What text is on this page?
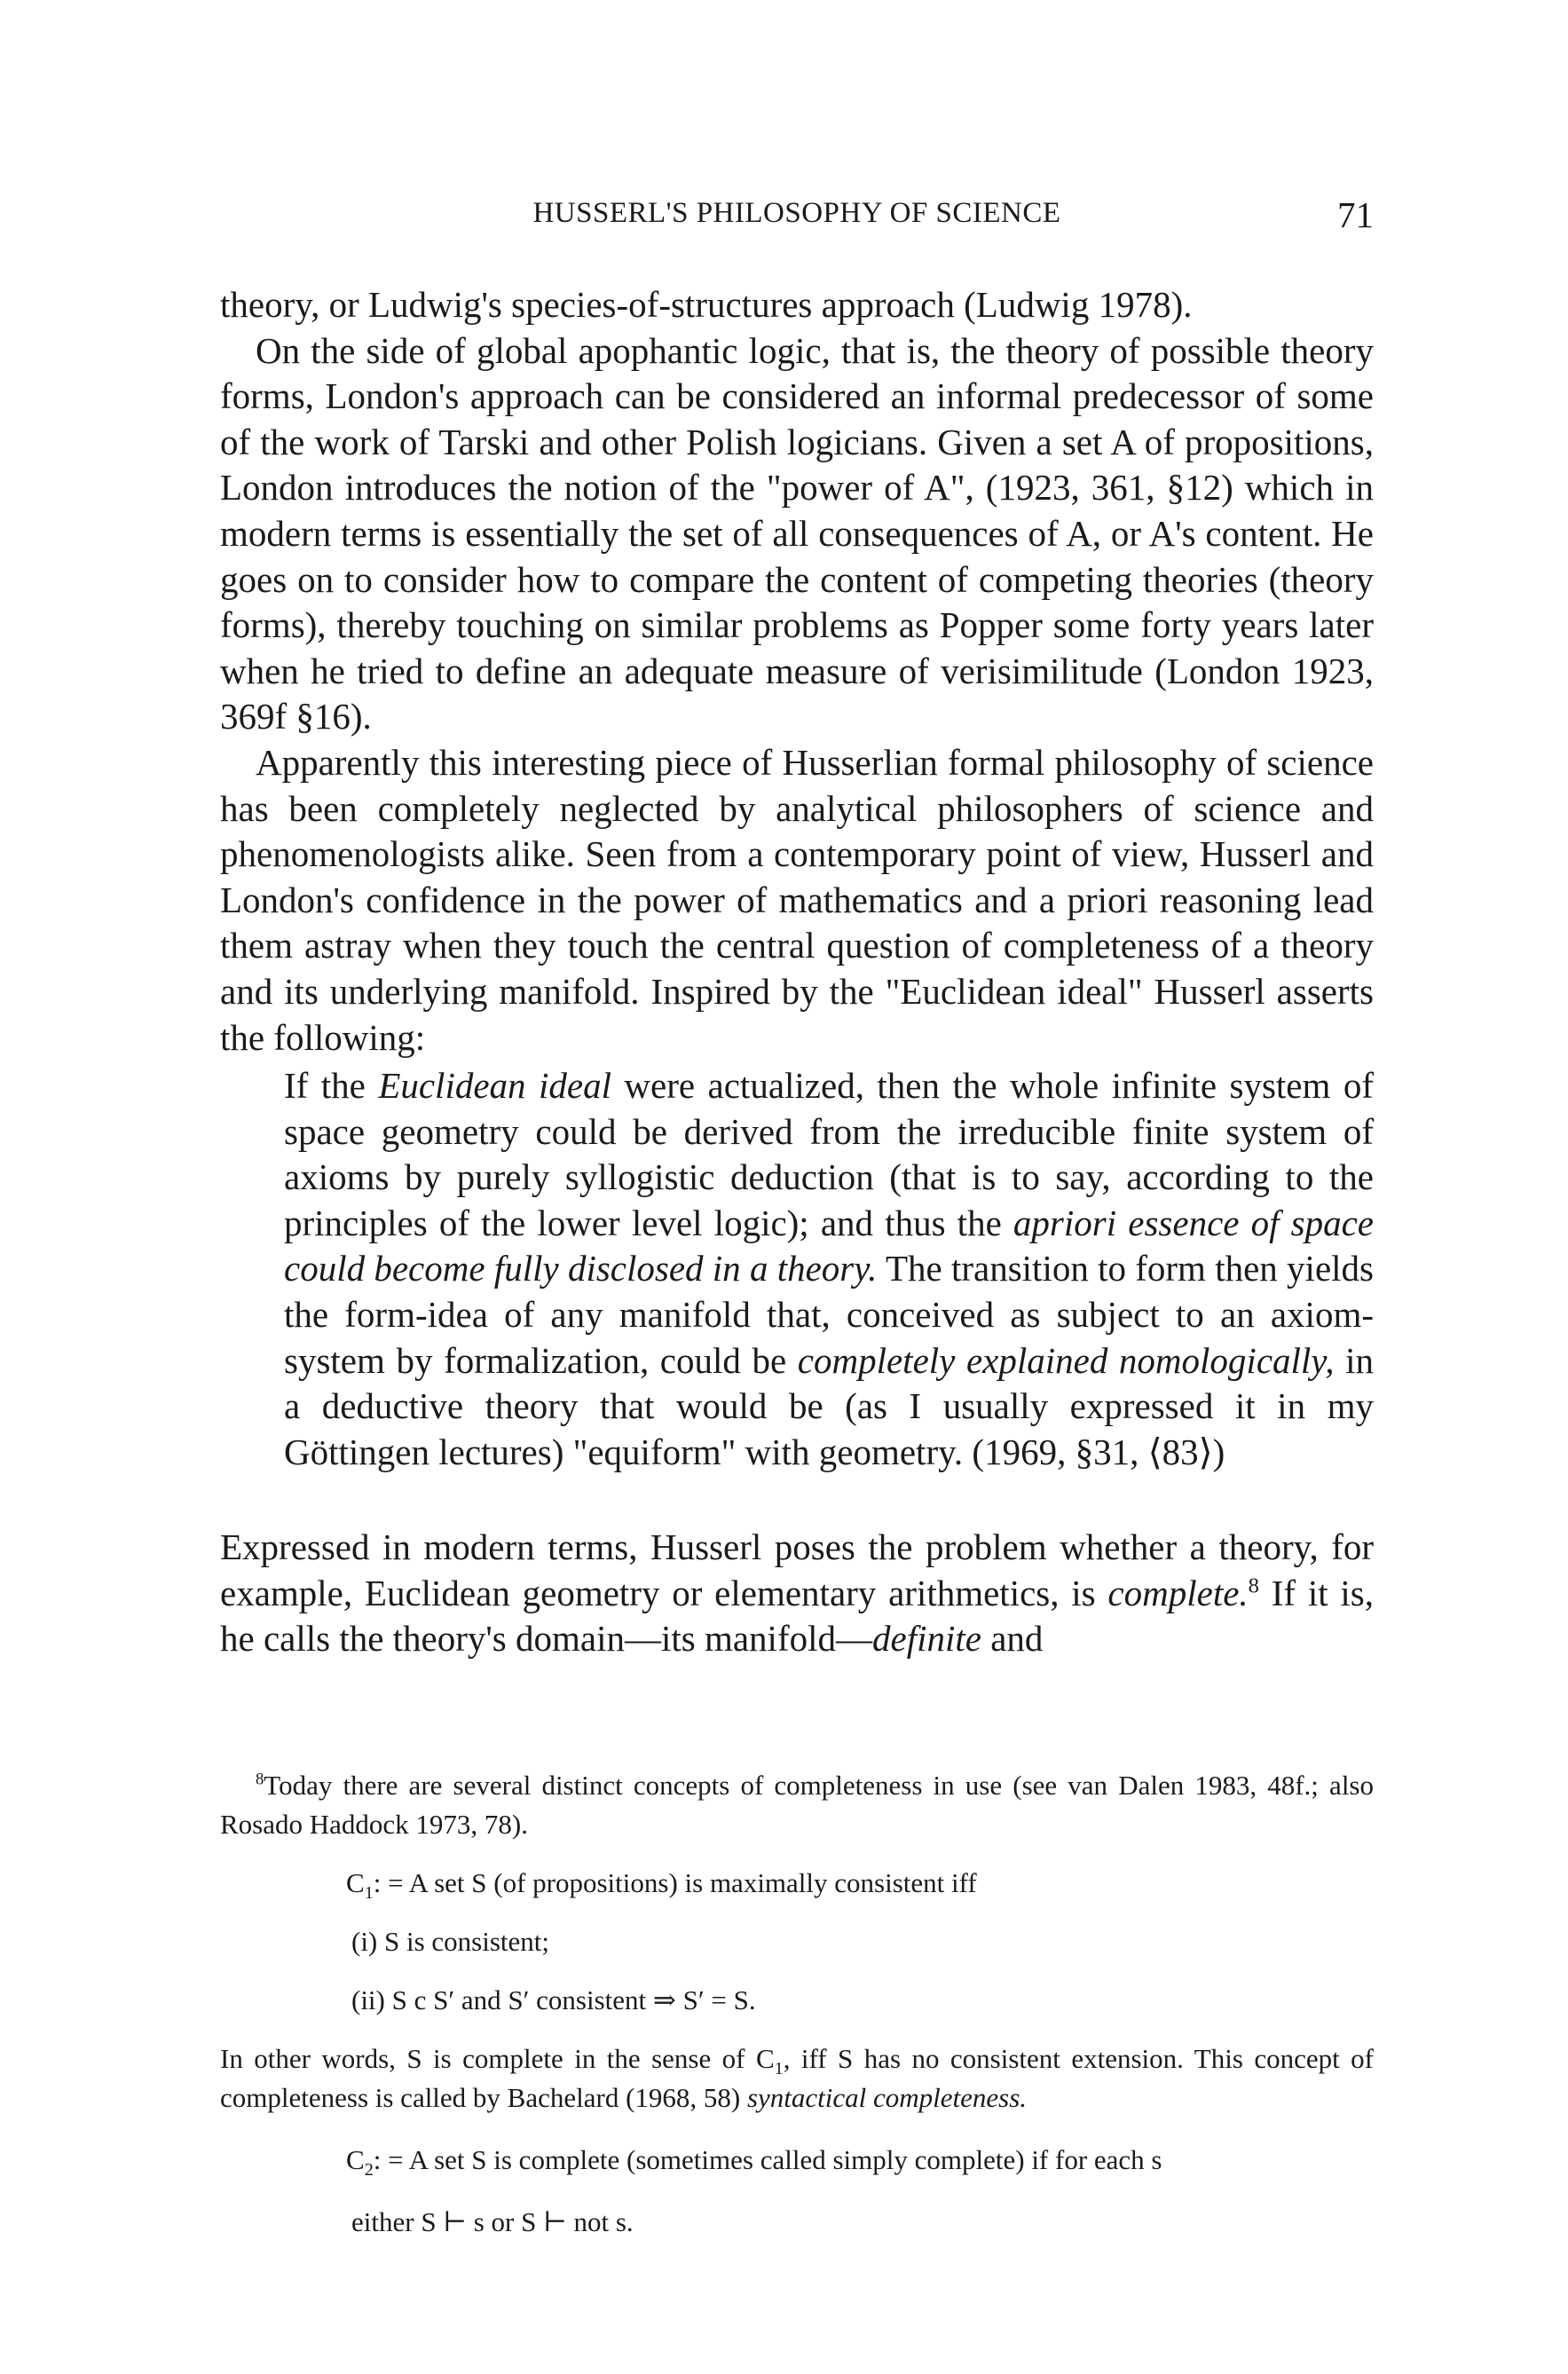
HUSSERL'S PHILOSOPHY OF SCIENCE	71

theory, or Ludwig's species-of-structures approach (Ludwig 1978).

On the side of global apophantic logic, that is, the theory of possible theory forms, London's approach can be considered an informal predecessor of some of the work of Tarski and other Polish logicians. Given a set A of propositions, London introduces the notion of the "power of A", (1923, 361, §12) which in modern terms is essentially the set of all consequences of A, or A's content. He goes on to consider how to compare the content of competing theories (theory forms), thereby touching on similar problems as Popper some forty years later when he tried to define an adequate measure of verisimilitude (London 1923, 369f §16).

Apparently this interesting piece of Husserlian formal philosophy of science has been completely neglected by analytical philosophers of science and phenomenologists alike. Seen from a contemporary point of view, Husserl and London's confidence in the power of mathematics and a priori reasoning lead them astray when they touch the central question of completeness of a theory and its underlying manifold. Inspired by the "Euclidean ideal" Husserl asserts the following:

If the Euclidean ideal were actualized, then the whole infinite system of space geometry could be derived from the irreducible finite system of axioms by purely syllogistic deduction (that is to say, according to the principles of the lower level logic); and thus the apriori essence of space could become fully disclosed in a theory. The transition to form then yields the form-idea of any manifold that, conceived as subject to an axiom-system by formalization, could be completely explained nomologically, in a deductive theory that would be (as I usually expressed it in my Göttingen lectures) "equiform" with geometry. (1969, §31, ⟨83⟩)

Expressed in modern terms, Husserl poses the problem whether a theory, for example, Euclidean geometry or elementary arithmetics, is complete.$^8$ If it is, he calls the theory's domain—its manifold—definite and

$^8$Today there are several distinct concepts of completeness in use (see van Dalen 1983, 48f.; also Rosado Haddock 1973, 78).

$C_1$: = A set S (of propositions) is maximally consistent iff

(i) S is consistent;

(ii) S c S′ and S′ consistent ⇒ S′ = S.

In other words, S is complete in the sense of $C_1$, iff S has no consistent extension. This concept of completeness is called by Bachelard (1968, 58) syntactical completeness.

$C_2$: = A set S is complete (sometimes called simply complete) if for each s

either S ⊢ s or S ⊢ not s.
